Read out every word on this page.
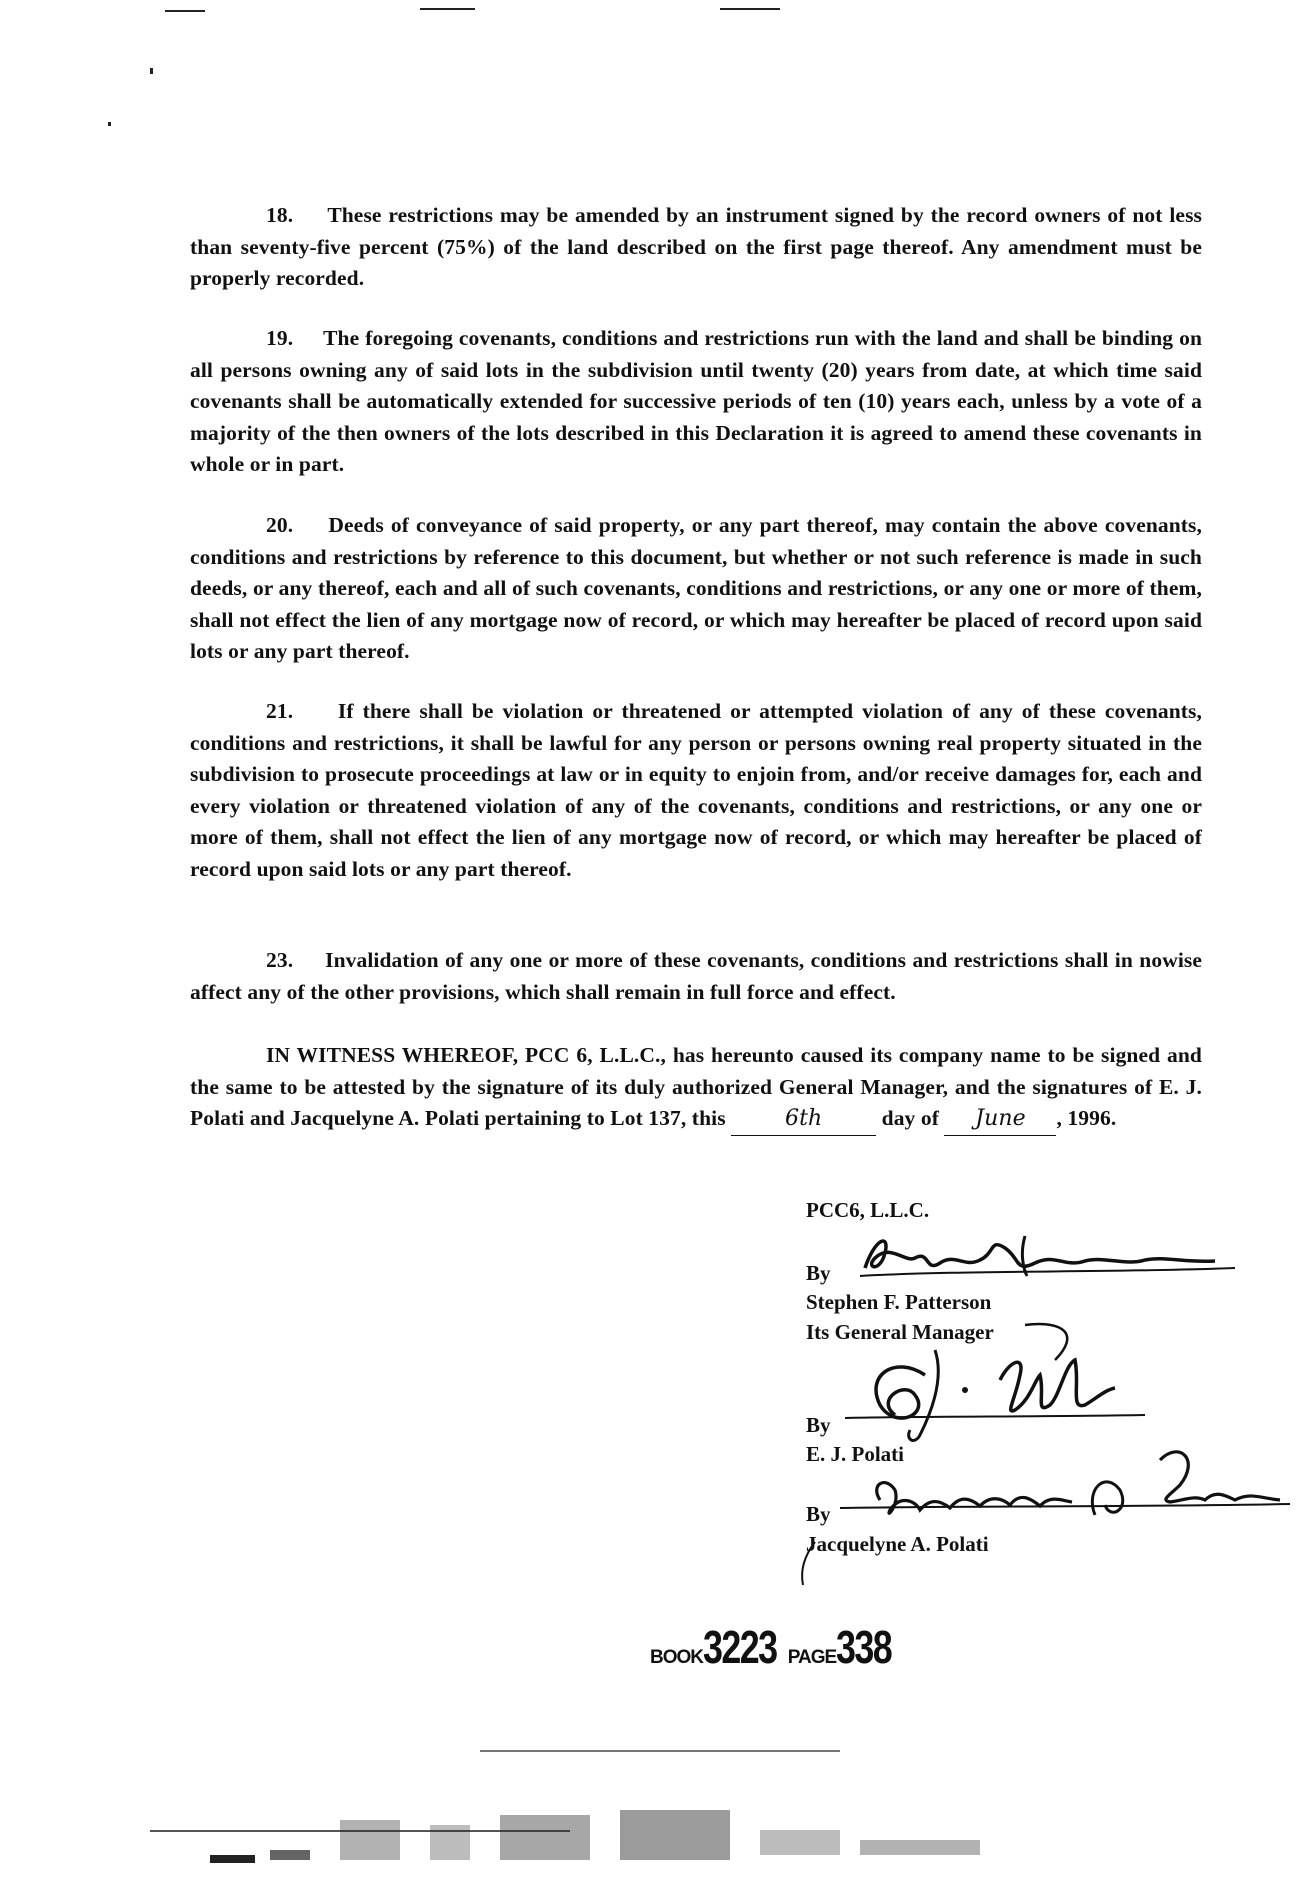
18. These restrictions may be amended by an instrument signed by the record owners of not less than seventy-five percent (75%) of the land described on the first page thereof. Any amendment must be properly recorded.
19. The foregoing covenants, conditions and restrictions run with the land and shall be binding on all persons owning any of said lots in the subdivision until twenty (20) years from date, at which time said covenants shall be automatically extended for successive periods of ten (10) years each, unless by a vote of a majority of the then owners of the lots described in this Declaration it is agreed to amend these covenants in whole or in part.
20. Deeds of conveyance of said property, or any part thereof, may contain the above covenants, conditions and restrictions by reference to this document, but whether or not such reference is made in such deeds, or any thereof, each and all of such covenants, conditions and restrictions, or any one or more of them, shall not effect the lien of any mortgage now of record, or which may hereafter be placed of record upon said lots or any part thereof.
21. If there shall be violation or threatened or attempted violation of any of these covenants, conditions and restrictions, it shall be lawful for any person or persons owning real property situated in the subdivision to prosecute proceedings at law or in equity to enjoin from, and/or receive damages for, each and every violation or threatened violation of any of the covenants, conditions and restrictions, or any one or more of them, shall not effect the lien of any mortgage now of record, or which may hereafter be placed of record upon said lots or any part thereof.
23. Invalidation of any one or more of these covenants, conditions and restrictions shall in nowise affect any of the other provisions, which shall remain in full force and effect.
IN WITNESS WHEREOF, PCC 6, L.L.C., has hereunto caused its company name to be signed and the same to be attested by the signature of its duly authorized General Manager, and the signatures of E. J. Polati and Jacquelyne A. Polati pertaining to Lot 137, this	6th	day of June , 1996.
PCC6, L.L.C.
By
Stephen F. Patterson
Its General Manager
By
E. J. Polati
By
Jacquelyne A. Polati
BOOK3223 PAGE338
